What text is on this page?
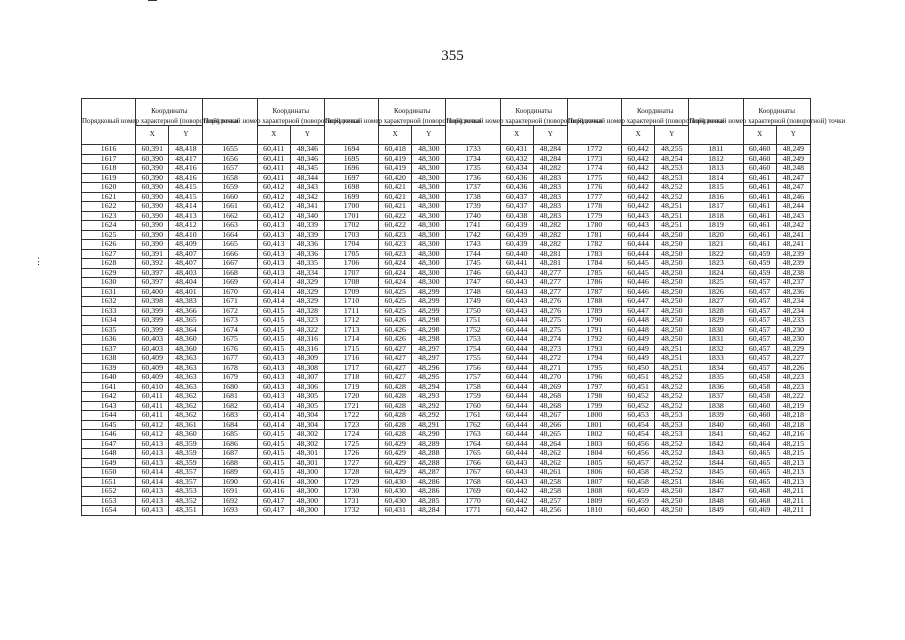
355
⋮
Порядковый номер характерной (поворотной) точки	Координаты		Порядковый номер характерной (поворотной) точки	Координаты		Порядковый номер характерной (поворотной) точки	Координаты		Порядковый номер характерной (поворотной) точки	Координаты		Порядковый номер характерной (поворотной) точки	Координаты		Порядковый номер характерной (поворотной) точки	Координаты	
	X	Y		X	Y		X	Y		X	Y		X	Y		X	Y
1616	60,391	48,418	1655	60,411	48,346	1694	60,418	48,300	1733	60,431	48,284	1772	60,442	48,255	1811	60,460	48,249
1617	60,390	48,417	1656	60,411	48,346	1695	60,419	48,300	1734	60,432	48,284	1773	60,442	48,254	1812	60,460	48,249
1618	60,390	48,416	1657	60,411	48,345	1696	60,419	48,300	1735	60,434	48,282	1774	60,442	48,253	1813	60,460	48,248
1619	60,390	48,416	1658	60,411	48,344	1697	60,420	48,300	1736	60,436	48,283	1775	60,442	48,253	1814	60,461	48,247
1620	60,390	48,415	1659	60,412	48,343	1698	60,421	48,300	1737	60,436	48,283	1776	60,442	48,252	1815	60,461	48,247
1621	60,390	48,415	1660	60,412	48,342	1699	60,421	48,300	1738	60,437	48,283	1777	60,442	48,252	1816	60,461	48,246
1622	60,390	48,414	1661	60,412	48,341	1700	60,421	48,300	1739	60,437	48,283	1778	60,442	48,251	1817	60,461	48,244
1623	60,390	48,413	1662	60,412	48,340	1701	60,422	48,300	1740	60,438	48,283	1779	60,443	48,251	1818	60,461	48,243
1624	60,390	48,412	1663	60,413	48,339	1702	60,422	48,300	1741	60,439	48,282	1780	60,443	48,251	1819	60,461	48,242
1625	60,390	48,410	1664	60,413	48,339	1703	60,423	48,300	1742	60,439	48,282	1781	60,444	48,250	1820	60,461	48,241
1626	60,390	48,409	1665	60,413	48,336	1704	60,423	48,300	1743	60,439	48,282	1782	60,444	48,250	1821	60,461	48,241
1627	60,391	48,407	1666	60,413	48,336	1705	60,423	48,300	1744	60,440	48,281	1783	60,444	48,250	1822	60,459	48,239
1628	60,392	48,407	1667	60,413	48,335	1706	60,424	48,300	1745	60,441	48,281	1784	60,445	48,250	1823	60,459	48,239
1629	60,397	48,403	1668	60,413	48,334	1707	60,424	48,300	1746	60,443	48,277	1785	60,445	48,250	1824	60,459	48,238
1630	60,397	48,404	1669	60,414	48,329	1708	60,424	48,300	1747	60,443	48,277	1786	60,446	48,250	1825	60,457	48,237
1631	60,400	48,401	1670	60,414	48,329	1709	60,425	48,299	1748	60,443	48,277	1787	60,446	48,250	1826	60,457	48,236
1632	60,398	48,383	1671	60,414	48,329	1710	60,425	48,299	1749	60,443	48,276	1788	60,447	48,250	1827	60,457	48,234
1633	60,399	48,366	1672	60,415	48,328	1711	60,425	48,299	1750	60,443	48,276	1789	60,447	48,250	1828	60,457	48,234
1634	60,399	48,365	1673	60,415	48,323	1712	60,426	48,298	1751	60,444	48,275	1790	60,448	48,250	1829	60,457	48,233
1635	60,399	48,364	1674	60,415	48,322	1713	60,426	48,298	1752	60,444	48,275	1791	60,448	48,250	1830	60,457	48,230
1636	60,403	48,360	1675	60,415	48,316	1714	60,426	48,298	1753	60,444	48,274	1792	60,449	48,250	1831	60,457	48,230
1637	60,403	48,360	1676	60,415	48,316	1715	60,427	48,297	1754	60,444	48,273	1793	60,449	48,251	1832	60,457	48,229
1638	60,409	48,363	1677	60,413	48,309	1716	60,427	48,297	1755	60,444	48,272	1794	60,449	48,251	1833	60,457	48,227
1639	60,409	48,363	1678	60,413	48,308	1717	60,427	48,296	1756	60,444	48,271	1795	60,450	48,251	1834	60,457	48,226
1640	60,409	48,363	1679	60,413	48,307	1718	60,427	48,295	1757	60,444	48,270	1796	60,451	48,252	1835	60,458	48,223
1641	60,410	48,363	1680	60,413	48,306	1719	60,428	48,294	1758	60,444	48,269	1797	60,451	48,252	1836	60,458	48,223
1642	60,411	48,362	1681	60,413	48,305	1720	60,428	48,293	1759	60,444	48,268	1798	60,452	48,252	1837	60,458	48,222
1643	60,411	48,362	1682	60,414	48,305	1721	60,428	48,292	1760	60,444	48,268	1799	60,452	48,252	1838	60,460	48,219
1644	60,411	48,362	1683	60,414	48,304	1722	60,428	48,292	1761	60,444	48,267	1800	60,453	48,253	1839	60,460	48,218
1645	60,412	48,361	1684	60,414	48,304	1723	60,428	48,291	1762	60,444	48,266	1801	60,454	48,253	1840	60,460	48,218
1646	60,412	48,360	1685	60,415	48,302	1724	60,428	48,290	1763	60,444	48,265	1802	60,454	48,253	1841	60,462	48,216
1647	60,413	48,359	1686	60,415	48,302	1725	60,429	48,289	1764	60,444	48,264	1803	60,456	48,252	1842	60,464	48,215
1648	60,413	48,359	1687	60,415	48,301	1726	60,429	48,288	1765	60,444	48,262	1804	60,456	48,252	1843	60,465	48,215
1649	60,413	48,359	1688	60,415	48,301	1727	60,429	48,288	1766	60,443	48,262	1805	60,457	48,252	1844	60,465	48,213
1650	60,414	48,357	1689	60,415	48,300	1728	60,429	48,287	1767	60,443	48,261	1806	60,458	48,252	1845	60,465	48,213
1651	60,414	48,357	1690	60,416	48,300	1729	60,430	48,286	1768	60,443	48,258	1807	60,458	48,251	1846	60,465	48,213
1652	60,413	48,353	1691	60,416	48,300	1730	60,430	48,286	1769	60,442	48,258	1808	60,459	48,250	1847	60,468	48,211
1653	60,413	48,352	1692	60,417	48,300	1731	60,430	48,285	1770	60,442	48,257	1809	60,459	48,250	1848	60,468	48,211
1654	60,413	48,351	1693	60,417	48,300	1732	60,431	48,284	1771	60,442	48,256	1810	60,460	48,250	1849	60,469	48,211
